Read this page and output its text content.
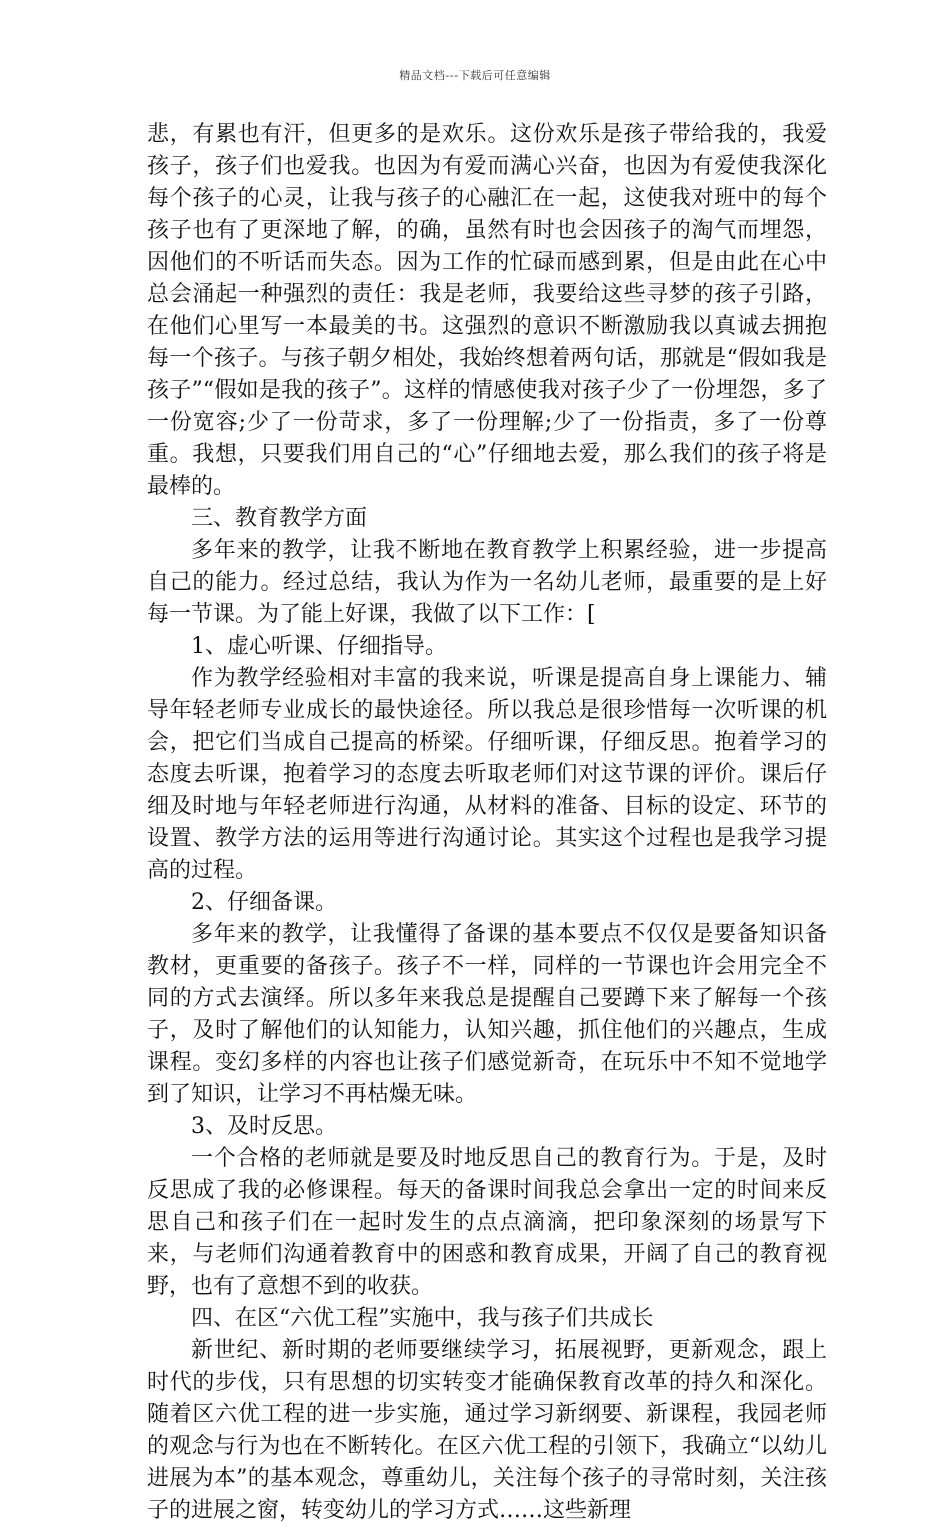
精品文档---下载后可任意编辑

悲，有累也有汗，但更多的是欢乐。这份欢乐是孩子带给我的，我爱孩子，孩子们也爱我。也因为有爱而满心兴奋，也因为有爱使我深化每个孩子的心灵，让我与孩子的心融汇在一起，这使我对班中的每个孩子也有了更深地了解，的确，虽然有时也会因孩子的淘气而埋怨，因他们的不听话而失态。因为工作的忙碌而感到累，但是由此在心中总会涌起一种强烈的责任：我是老师，我要给这些寻梦的孩子引路，在他们心里写一本最美的书。这强烈的意识不断激励我以真诚去拥抱每一个孩子。与孩子朝夕相处，我始终想着两句话，那就是“假如我是孩子”“假如是我的孩子”。这样的情感使我对孩子少了一份埋怨，多了一份宽容;少了一份苛求，多了一份理解;少了一份指责，多了一份尊重。我想，只要我们用自己的“心”仔细地去爱，那么我们的孩子将是最棒的。

三、教育教学方面

多年来的教学，让我不断地在教育教学上积累经验，进一步提高自己的能力。经过总结，我认为作为一名幼儿老师，最重要的是上好每一节课。为了能上好课，我做了以下工作：[

1、虚心听课、仔细指导。

作为教学经验相对丰富的我来说，听课是提高自身上课能力、辅导年轻老师专业成长的最快途径。所以我总是很珍惜每一次听课的机会，把它们当成自己提高的桥梁。仔细听课，仔细反思。抱着学习的态度去听课，抱着学习的态度去听取老师们对这节课的评价。课后仔细及时地与年轻老师进行沟通，从材料的准备、目标的设定、环节的设置、教学方法的运用等进行沟通讨论。其实这个过程也是我学习提高的过程。

2、仔细备课。

多年来的教学，让我懂得了备课的基本要点不仅仅是要备知识备教材，更重要的备孩子。孩子不一样，同样的一节课也许会用完全不同的方式去演绎。所以多年来我总是提醒自己要蹲下来了解每一个孩子，及时了解他们的认知能力，认知兴趣，抓住他们的兴趣点，生成课程。变幻多样的内容也让孩子们感觉新奇，在玩乐中不知不觉地学到了知识，让学习不再枯燥无味。

3、及时反思。

一个合格的老师就是要及时地反思自己的教育行为。于是，及时反思成了我的必修课程。每天的备课时间我总会拿出一定的时间来反思自己和孩子们在一起时发生的点点滴滴，把印象深刻的场景写下来，与老师们沟通着教育中的困惑和教育成果，开阔了自己的教育视野，也有了意想不到的收获。

四、在区“六优工程”实施中，我与孩子们共成长

新世纪、新时期的老师要继续学习，拓展视野，更新观念，跟上时代的步伐，只有思想的切实转变才能确保教育改革的持久和深化。随着区六优工程的进一步实施，通过学习新纲要、新课程，我园老师的观念与行为也在不断转化。在区六优工程的引领下，我确立“以幼儿进展为本”的基本观念，尊重幼儿，关注每个孩子的寻常时刻，关注孩子的进展之窗，转变幼儿的学习方式……这些新理
